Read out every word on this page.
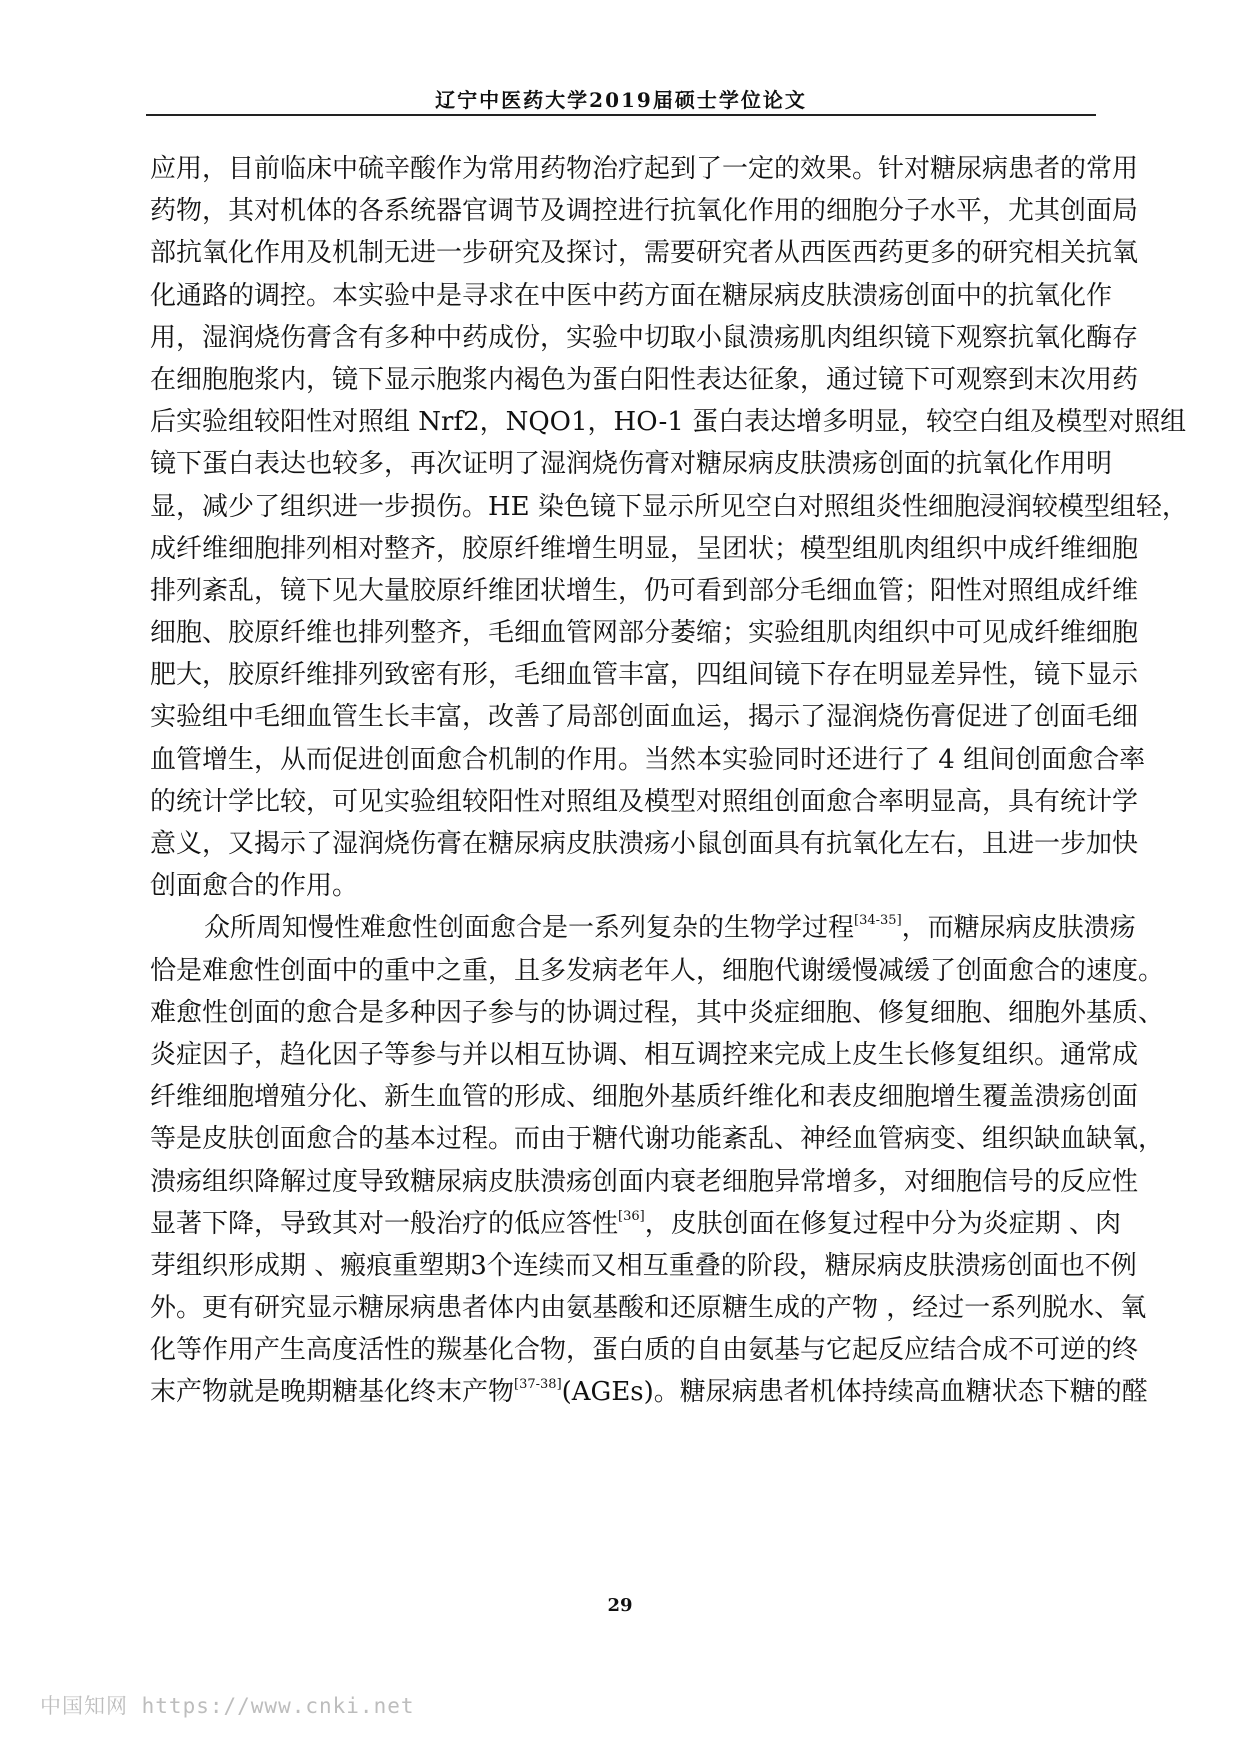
辽宁中医药大学2019届硕士学位论文
应用，目前临床中硫辛酸作为常用药物治疗起到了一定的效果。针对糖尿病患者的常用
药物，其对机体的各系统器官调节及调控进行抗氧化作用的细胞分子水平，尤其创面局
部抗氧化作用及机制无进一步研究及探讨，需要研究者从西医西药更多的研究相关抗氧
化通路的调控。本实验中是寻求在中医中药方面在糖尿病皮肤溃疡创面中的抗氧化作
用，湿润烧伤膏含有多种中药成份，实验中切取小鼠溃疡肌肉组织镜下观察抗氧化酶存
在细胞胞浆内，镜下显示胞浆内褐色为蛋白阳性表达征象，通过镜下可观察到末次用药
后实验组较阳性对照组 Nrf2，NQO1，HO-1 蛋白表达增多明显，较空白组及模型对照组
镜下蛋白表达也较多，再次证明了湿润烧伤膏对糖尿病皮肤溃疡创面的抗氧化作用明
显，减少了组织进一步损伤。HE 染色镜下显示所见空白对照组炎性细胞浸润较模型组轻，
成纤维细胞排列相对整齐，胶原纤维增生明显，呈团状；模型组肌肉组织中成纤维细胞
排列紊乱，镜下见大量胶原纤维团状增生，仍可看到部分毛细血管；阳性对照组成纤维
细胞、胶原纤维也排列整齐，毛细血管网部分萎缩；实验组肌肉组织中可见成纤维细胞
肥大，胶原纤维排列致密有形，毛细血管丰富，四组间镜下存在明显差异性，镜下显示
实验组中毛细血管生长丰富，改善了局部创面血运，揭示了湿润烧伤膏促进了创面毛细
血管增生，从而促进创面愈合机制的作用。当然本实验同时还进行了 4 组间创面愈合率
的统计学比较，可见实验组较阳性对照组及模型对照组创面愈合率明显高，具有统计学
意义，又揭示了湿润烧伤膏在糖尿病皮肤溃疡小鼠创面具有抗氧化左右，且进一步加快
创面愈合的作用。
众所周知慢性难愈性创面愈合是一系列复杂的生物学过程[34-35]，而糖尿病皮肤溃疡
恰是难愈性创面中的重中之重，且多发病老年人，细胞代谢缓慢减缓了创面愈合的速度。
难愈性创面的愈合是多种因子参与的协调过程，其中炎症细胞、修复细胞、细胞外基质、
炎症因子，趋化因子等参与并以相互协调、相互调控来完成上皮生长修复组织。通常成
纤维细胞增殖分化、新生血管的形成、细胞外基质纤维化和表皮细胞增生覆盖溃疡创面
等是皮肤创面愈合的基本过程。而由于糖代谢功能紊乱、神经血管病变、组织缺血缺氧，
溃疡组织降解过度导致糖尿病皮肤溃疡创面内衰老细胞异常增多，对细胞信号的反应性
显著下降，导致其对一般治疗的低应答性[36]，皮肤创面在修复过程中分为炎症期 、肉
芽组织形成期 、瘢痕重塑期3个连续而又相互重叠的阶段，糖尿病皮肤溃疡创面也不例
外。更有研究显示糖尿病患者体内由氨基酸和还原糖生成的产物 ，经过一系列脱水、氧
化等作用产生高度活性的羰基化合物，蛋白质的自由氨基与它起反应结合成不可逆的终
末产物就是晚期糖基化终末产物[37-38](AGEs)。糖尿病患者机体持续高血糖状态下糖的醛
29
中国知网 https://www.cnki.net
